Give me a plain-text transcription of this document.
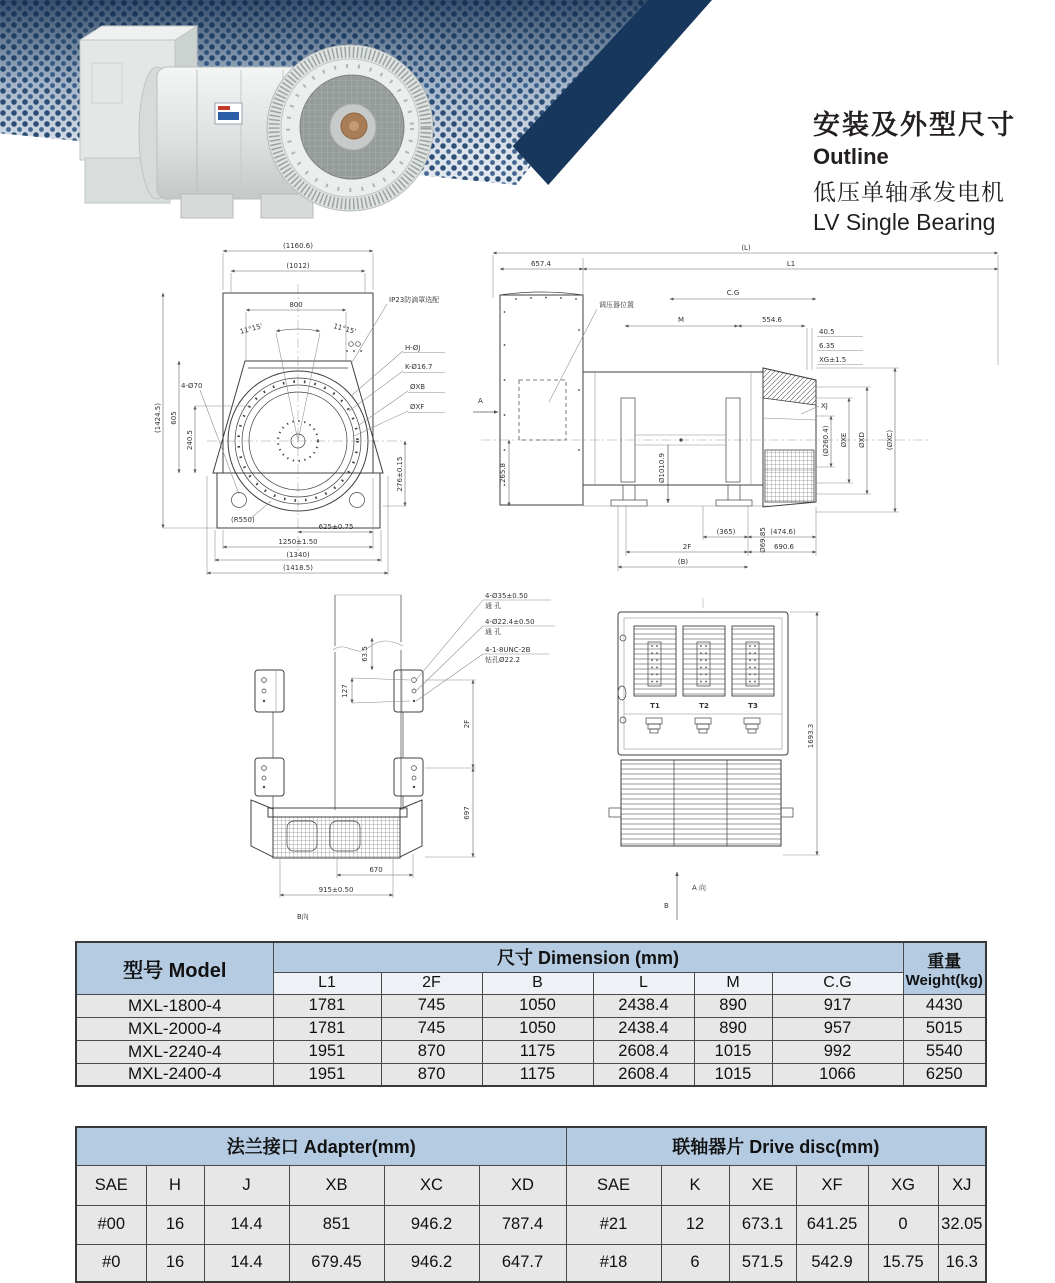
安装及外型尺寸
Outline
低压单轴承发电机
LV Single Bearing
(1160.6)
(1012)
800
11°15'	11°15'
IP23防滴罩选配
H-ØJ
K-Ø16.7
ØXB
ØXF
(1424.5) 605
240.5
4-Ø70
276±0.15
(R550)
625±0.75
1250±1.50
(1340)
(1418.5)
(L)
657.4	L1
C.G
M	554.6
40.5
6.35
XG±1.5
调压器位置
A
265.8	Ø1010.9
XJ
(Ø260.4) ØXE ØXD	(ØXC)
Ø69.85
(365)	(474.6)
2F	690.6
(B)
4-Ø35±0.50
通 孔
4-Ø22.4±0.50
通 孔
4-1-8UNC-2B
钻孔Ø22.2
63.5
127
2F
697
670
915±0.50
B向
T1	T2	T3
1693.3
A 向
B
型号 Model	尺寸 Dimension (mm)						重量
Weight(kg)

	L1	2F	B	L	M	C.G	
MXL-1800-4	1781	745	1050	2438.4	890	917	4430
MXL-2000-4	1781	745	1050	2438.4	890	957	5015
MXL-2240-4	1951	870	1175	2608.4	1015	992	5540
MXL-2400-4	1951	870	1175	2608.4	1015	1066	6250
法兰接口 Adapter(mm)						联轴器片 Drive disc(mm)					
SAE	H	J	XB	XC	XD	SAE	K	XE	XF	XG	XJ
#00	16	14.4	851	946.2	787.4	#21	12	673.1	641.25	0	32.05
#0	16	14.4	679.45	946.2	647.7	#18	6	571.5	542.9	15.75	16.3
